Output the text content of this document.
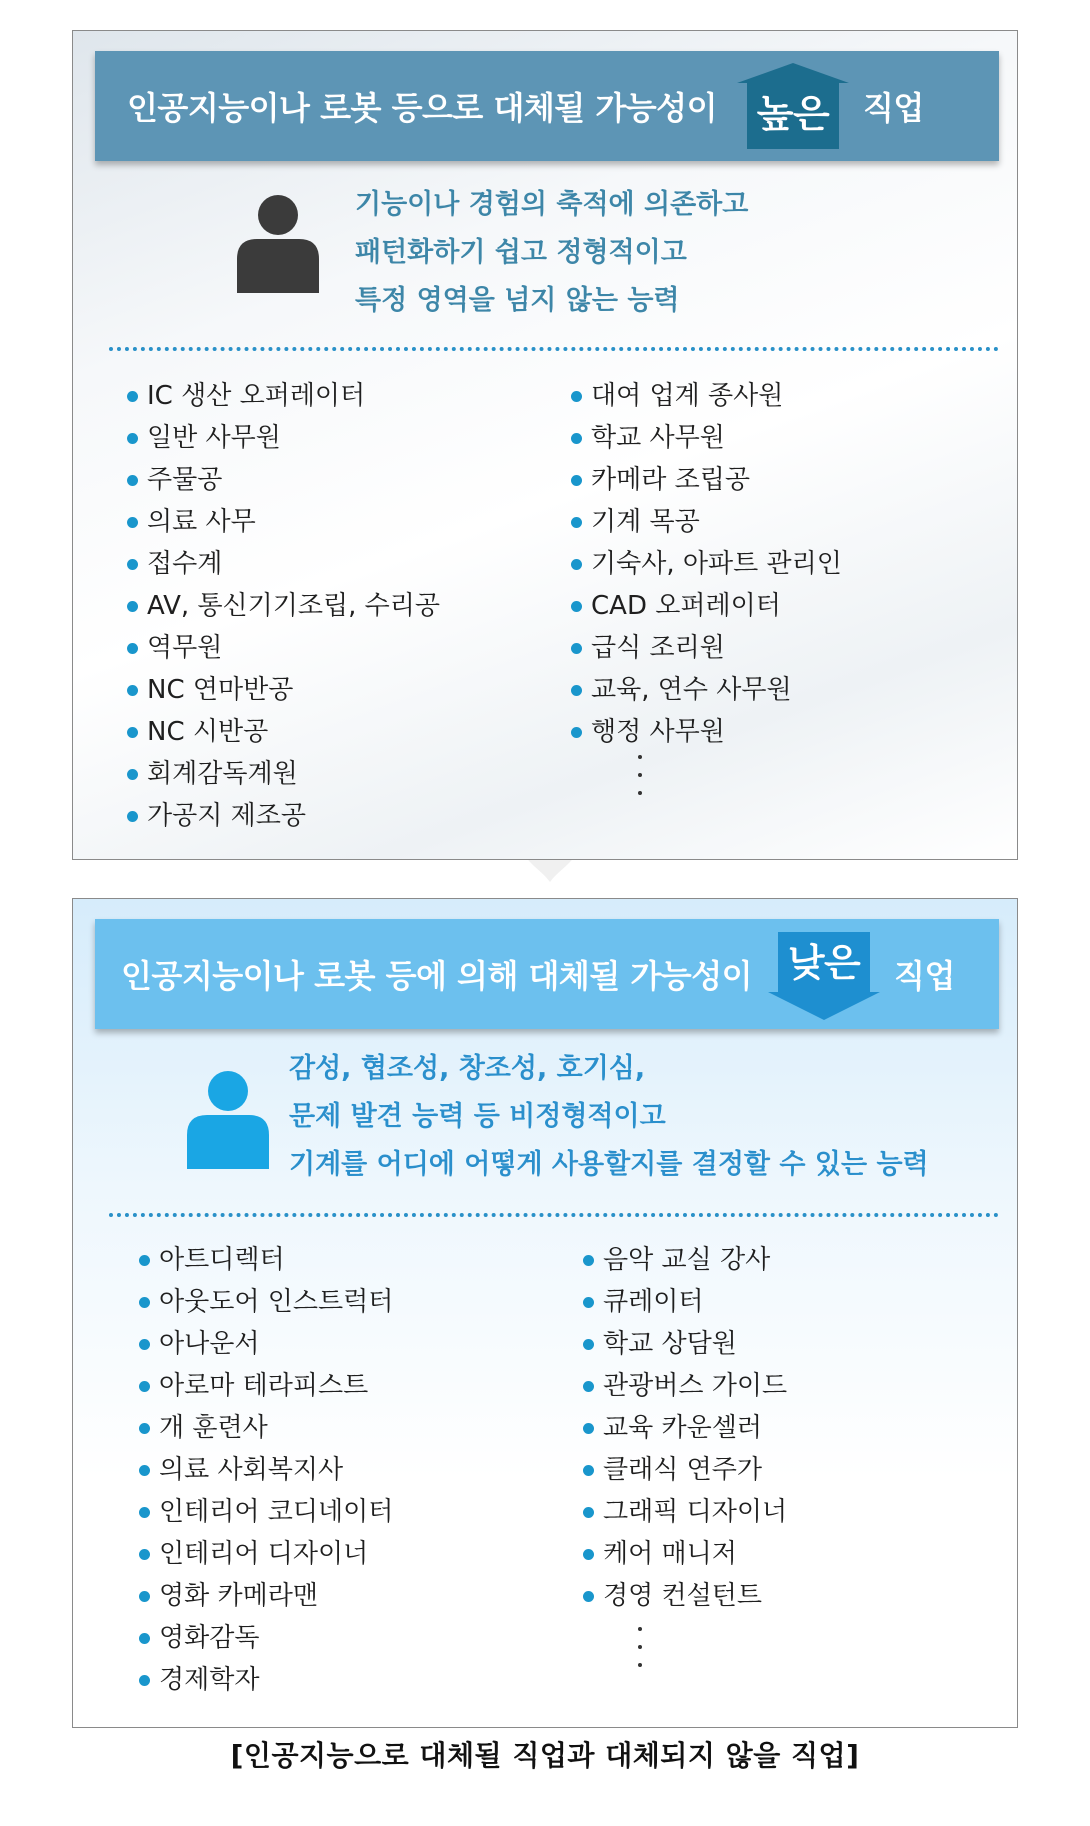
인공지능이나 로봇 등으로 대체될 가능성이	높은	직업
기능이나 경험의 축적에 의존하고
패턴화하기 쉽고 정형적이고
특정 영역을 넘지 않는 능력
IC 생산 오퍼레이터
일반 사무원
주물공
의료 사무
접수계
AV, 통신기기조립, 수리공
역무원
NC 연마반공
NC 시반공
회계감독계원
가공지 제조공
대여 업계 종사원
학교 사무원
카메라 조립공
기계 목공
기숙사, 아파트 관리인
CAD 오퍼레이터
급식 조리원
교육, 연수 사무원
행정 사무원
인공지능이나 로봇 등에 의해 대체될 가능성이 낮은	직업
감성, 협조성, 창조성, 호기심,
문제 발견 능력 등 비정형적이고
기계를 어디에 어떻게 사용할지를 결정할 수 있는 능력
아트디렉터
아웃도어 인스트럭터
아나운서
아로마 테라피스트
개 훈련사
의료 사회복지사
인테리어 코디네이터
인테리어 디자이너
영화 카메라맨
영화감독
경제학자
음악 교실 강사
큐레이터
학교 상담원
관광버스 가이드
교육 카운셀러
클래식 연주가
그래픽 디자이너
케어 매니저
경영 컨설턴트
[인공지능으로 대체될 직업과 대체되지 않을 직업]
